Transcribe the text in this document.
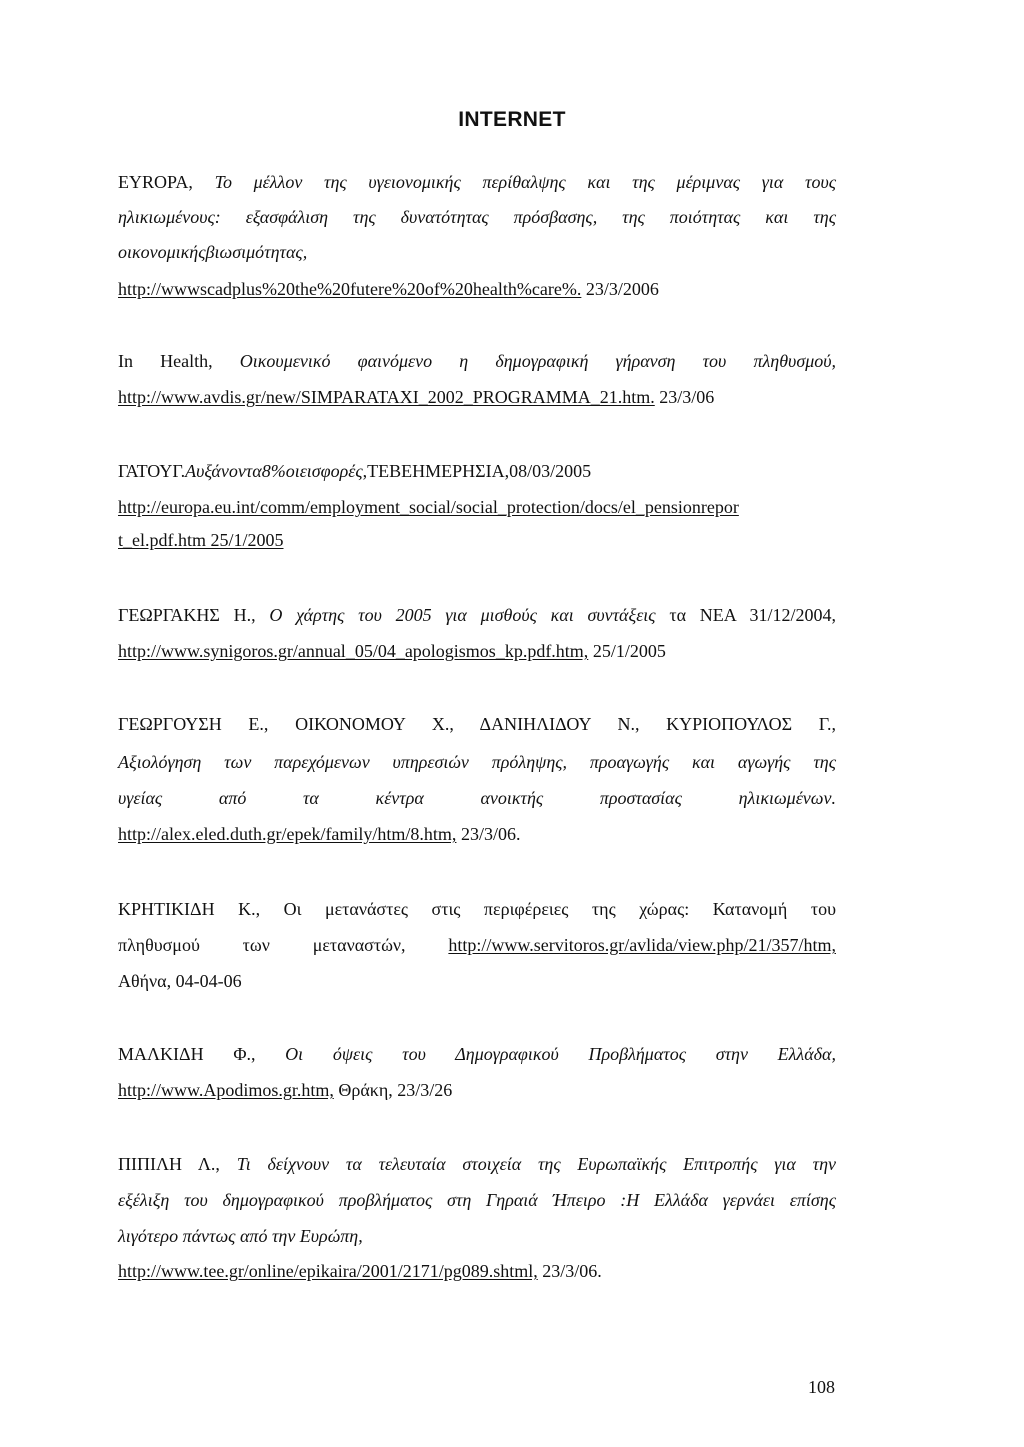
INTERNET
EYROPA, Το μέλλον της υγειονομικής περίθαλψης και της μέριμνας για τους
ηλικιωμένους: εξασφάλιση της δυνατότητας πρόσβασης, της ποιότητας και της
οικονομικήςβιωσιμότητας,
http://wwwscadplus%20the%20futere%20of%20health%care%. 23/3/2006
In Health, Οικουμενικό φαινόμενο η δημογραφική γήρανση του πληθυσμού,
http://www.avdis.gr/new/SIMPARATAXI_2002_PROGRAMMA_21.htm. 23/3/06
ΓΑΤΟΥΓ.Αυξάνοντα8%οιεισφορές,ΤΕΒΕΗΜΕΡΗΣΙΑ,08/03/2005
http://europa.eu.int/comm/employment_social/social_protection/docs/el_pensionrepor
t_el.pdf.htm 25/1/2005
ΓΕΩΡΓΑΚΗΣ Η., Ο χάρτης του 2005 για μισθούς και συντάξεις τα ΝΕΑ 31/12/2004,
http://www.synigoros.gr/annual_05/04_apologismos_kp.pdf.htm, 25/1/2005
ΓΕΩΡΓΟΥΣΗ Ε., ΟΙΚΟΝΟΜΟΥ Χ., ΔΑΝΙΗΛΙΔΟΥ Ν., ΚΥΡΙΟΠΟΥΛΟΣ Γ.,
Αξιολόγηση των παρεχόμενων υπηρεσιών πρόληψης, προαγωγής και αγωγής της
υγείας από τα κέντρα ανοικτής προστασίας ηλικιωμένων.
http://alex.eled.duth.gr/epek/family/htm/8.htm, 23/3/06.
ΚΡΗΤΙΚΙΔΗ Κ., Οι μετανάστες στις περιφέρειες της χώρας: Κατανομή του
πληθυσμού των μεταναστών, http://www.servitoros.gr/avlida/view.php/21/357/htm,
Αθήνα, 04-04-06
ΜΑΛΚΙΔΗ Φ., Οι όψεις του Δημογραφικού Προβλήματος στην Ελλάδα,
http://www.Apodimos.gr.htm, Θράκη, 23/3/26
ΠΙΠΙΛΗ Λ., Τι δείχνουν τα τελευταία στοιχεία της Ευρωπαϊκής Επιτροπής για την
εξέλιξη του δημογραφικού προβλήματος στη Γηραιά Ήπειρο :Η Ελλάδα γερνάει επίσης
λιγότερο πάντως από την Ευρώπη,
http://www.tee.gr/online/epikaira/2001/2171/pg089.shtml, 23/3/06.
108
